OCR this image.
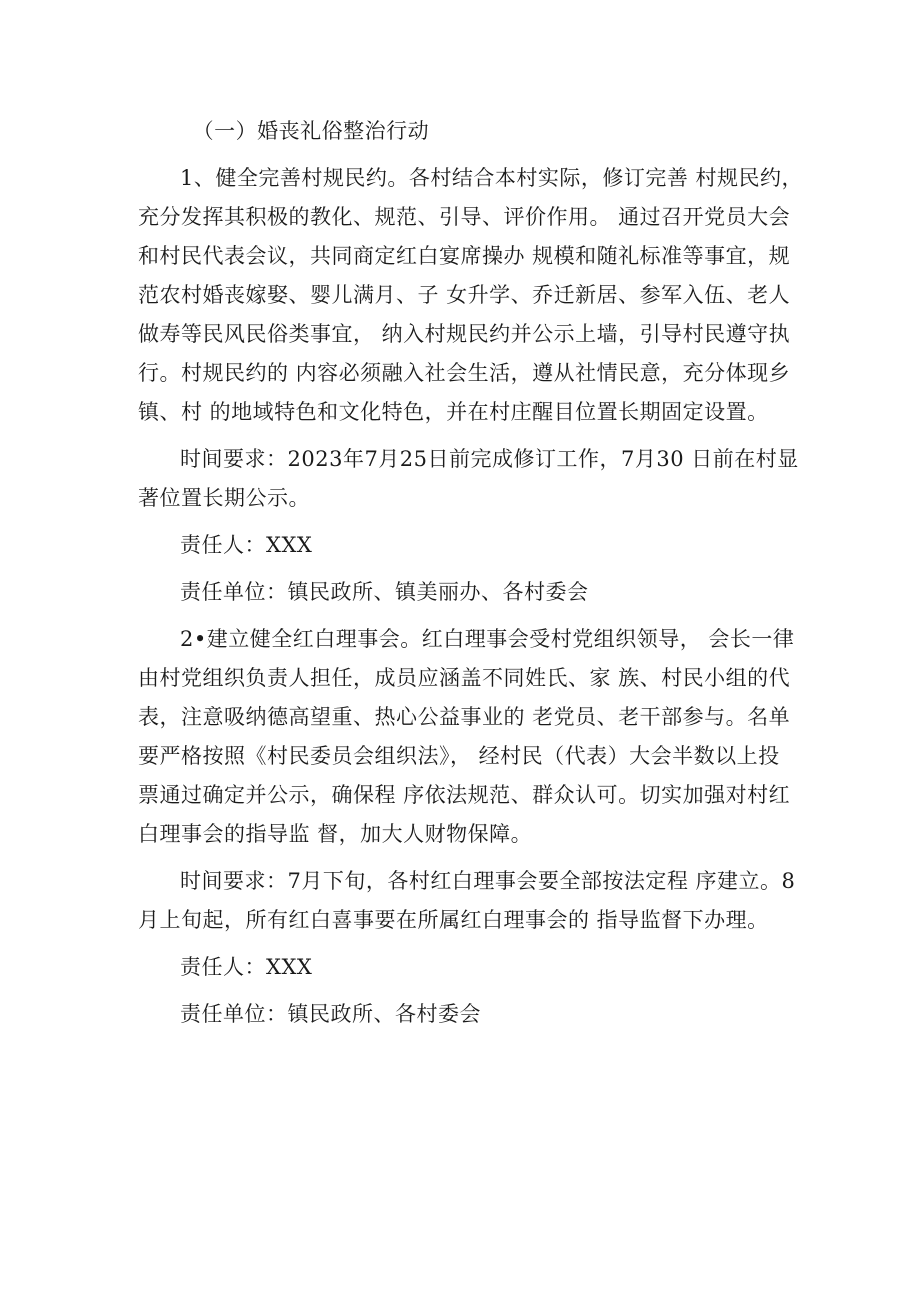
（一）婚丧礼俗整治行动

1、健全完善村规民约。各村结合本村实际，修订完善 村规民约，
充分发挥其积极的教化、规范、引导、评价作用。 通过召开党员大会
和村民代表会议，共同商定红白宴席操办 规模和随礼标准等事宜，规
范农村婚丧嫁娶、婴儿满月、子 女升学、乔迁新居、参军入伍、老人
做寿等民风民俗类事宜， 纳入村规民约并公示上墙，引导村民遵守执
行。村规民约的 内容必须融入社会生活，遵从社情民意，充分体现乡
镇、村 的地域特色和文化特色，并在村庄醒目位置长期固定设置。

时间要求：2023年7月25日前完成修订工作，7月30 日前在村显
著位置长期公示。

责任人：XXX

责任单位：镇民政所、镇美丽办、各村委会

2•建立健全红白理事会。红白理事会受村党组织领导， 会长一律
由村党组织负责人担任，成员应涵盖不同姓氏、家 族、村民小组的代
表，注意吸纳德高望重、热心公益事业的 老党员、老干部参与。名单
要严格按照《村民委员会组织法》， 经村民（代表）大会半数以上投
票通过确定并公示，确保程 序依法规范、群众认可。切实加强对村红
白理事会的指导监 督，加大人财物保障。

时间要求：7月下旬，各村红白理事会要全部按法定程 序建立。8
月上旬起，所有红白喜事要在所属红白理事会的 指导监督下办理。

责任人：XXX

责任单位：镇民政所、各村委会
